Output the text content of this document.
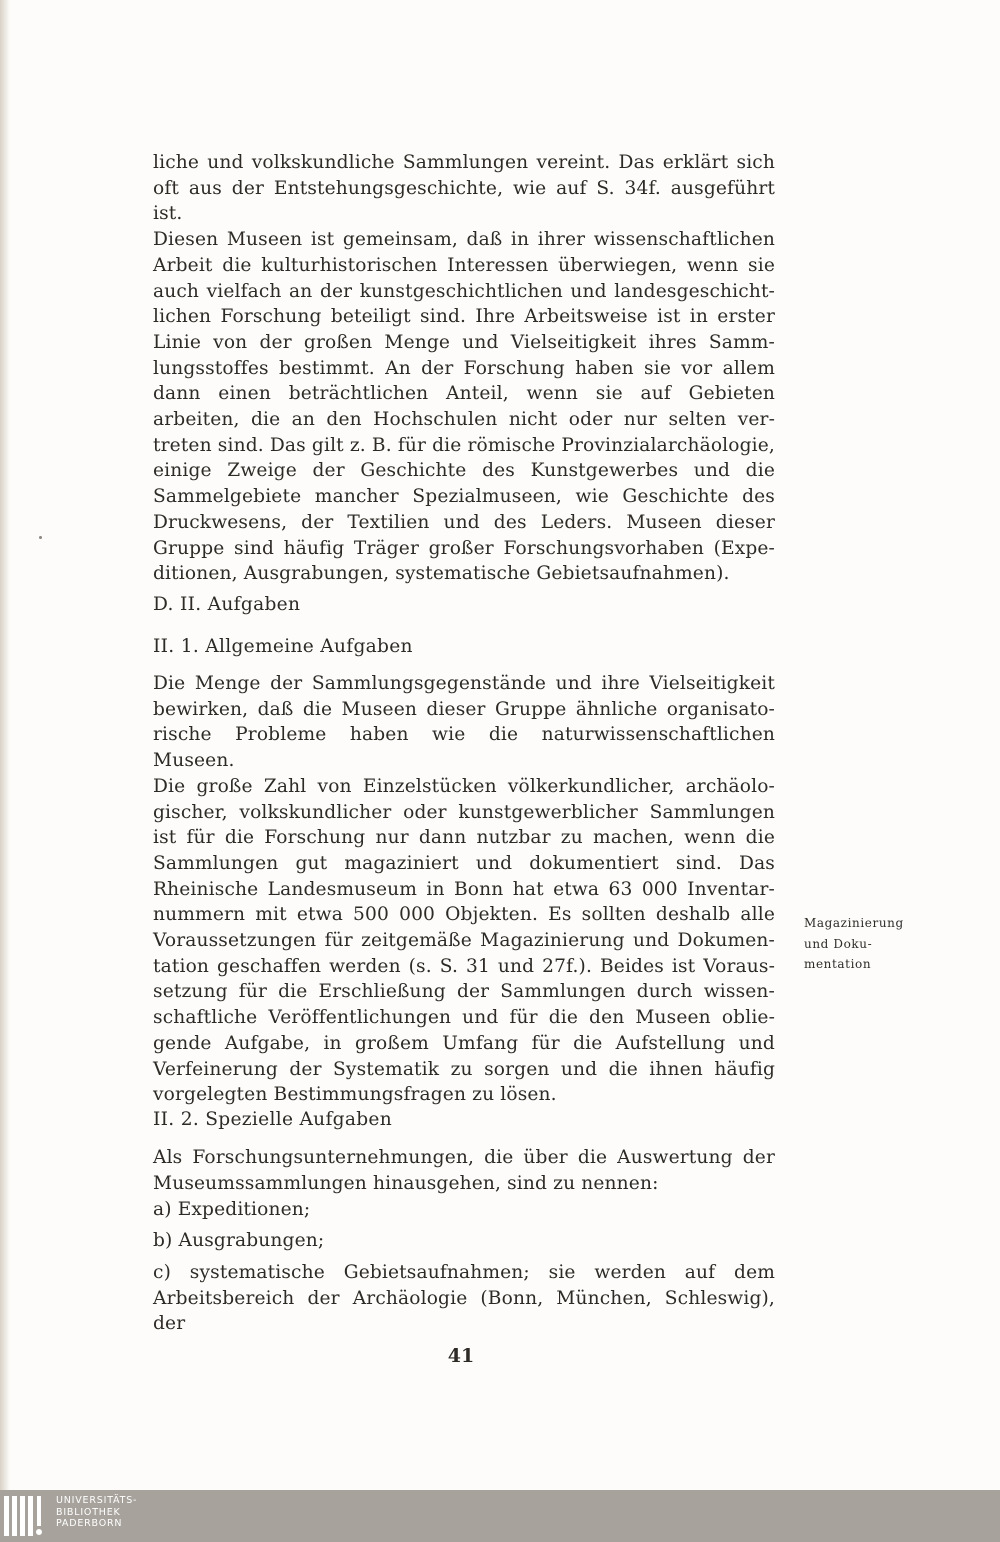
liche und volkskundliche Sammlungen vereint. Das erklärt sich

oft aus der Entstehungsgeschichte, wie auf S. 34f. ausgeführt ist.

Diesen Museen ist gemeinsam, daß in ihrer wissenschaftlichen

Arbeit die kulturhistorischen Interessen überwiegen, wenn sie

auch vielfach an der kunstgeschichtlichen und landesgeschicht-

lichen Forschung beteiligt sind. Ihre Arbeitsweise ist in erster

Linie von der großen Menge und Vielseitigkeit ihres Samm-

lungsstoffes bestimmt. An der Forschung haben sie vor allem

dann einen beträchtlichen Anteil, wenn sie auf Gebieten

arbeiten, die an den Hochschulen nicht oder nur selten ver-

treten sind. Das gilt z. B. für die römische Provinzialarchäologie,

einige Zweige der Geschichte des Kunstgewerbes und die

Sammelgebiete mancher Spezialmuseen, wie Geschichte des

Druckwesens, der Textilien und des Leders. Museen dieser

Gruppe sind häufig Träger großer Forschungsvorhaben (Expe-

ditionen, Ausgrabungen, systematische Gebietsaufnahmen).

D. II. Aufgaben

II. 1. Allgemeine Aufgaben

Die Menge der Sammlungsgegenstände und ihre Vielseitigkeit

bewirken, daß die Museen dieser Gruppe ähnliche organisato-

rische Probleme haben wie die naturwissenschaftlichen Museen.

Die große Zahl von Einzelstücken völkerkundlicher, archäolo-

gischer, volkskundlicher oder kunstgewerblicher Sammlungen

ist für die Forschung nur dann nutzbar zu machen, wenn die

Sammlungen gut magaziniert und dokumentiert sind. Das

Rheinische Landesmuseum in Bonn hat etwa 63 000 Inventar-

nummern mit etwa 500 000 Objekten. Es sollten deshalb alle

Voraussetzungen für zeitgemäße Magazinierung und Dokumen-

tation geschaffen werden (s. S. 31 und 27f.). Beides ist Voraus-

setzung für die Erschließung der Sammlungen durch wissen-

schaftliche Veröffentlichungen und für die den Museen oblie-

gende Aufgabe, in großem Umfang für die Aufstellung und

Verfeinerung der Systematik zu sorgen und die ihnen häufig

vorgelegten Bestimmungsfragen zu lösen.

II. 2. Spezielle Aufgaben

Als Forschungsunternehmungen, die über die Auswertung der

Museumssammlungen hinausgehen, sind zu nennen:

a) Expeditionen;

b) Ausgrabungen;

c) systematische Gebietsaufnahmen; sie werden auf dem

Arbeitsbereich der Archäologie (Bonn, München, Schleswig), der

Magazinierung
und Doku-
mentation
41
UNIVERSITÄTS-
BIBLIOTHEK
PADERBORN
